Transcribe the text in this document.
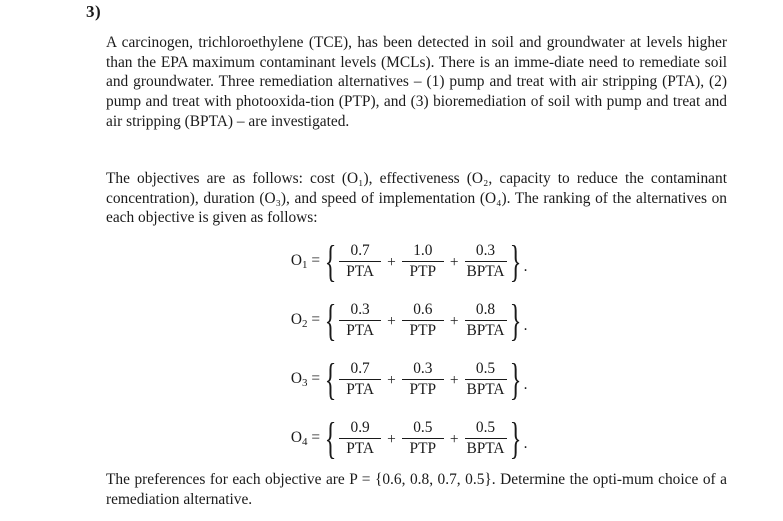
3)
A carcinogen, trichloroethylene (TCE), has been detected in soil and groundwater at levels higher than the EPA maximum contaminant levels (MCLs). There is an imme-diate need to remediate soil and groundwater. Three remediation alternatives – (1) pump and treat with air stripping (PTA), (2) pump and treat with photooxida-tion (PTP), and (3) bioremediation of soil with pump and treat and air stripping (BPTA) – are investigated.
The objectives are as follows: cost (O₁), effectiveness (O₂, capacity to reduce the contaminant concentration), duration (O₃), and speed of implementation (O₄). The ranking of the alternatives on each objective is given as follows:
$O_1$ = { $\frac{0.7}{\text{PTA}} + \frac{1.0}{\text{PTP}} + \frac{0.3}{\text{BPTA}}$ } .
$O_2$ = { $\frac{0.3}{\text{PTA}} + \frac{0.6}{\text{PTP}} + \frac{0.8}{\text{BPTA}}$ } .
$O_3$ = { $\frac{0.7}{\text{PTA}} + \frac{0.3}{\text{PTP}} + \frac{0.5}{\text{BPTA}}$ } .
$O_4$ = { $\frac{0.9}{\text{PTA}} + \frac{0.5}{\text{PTP}} + \frac{0.5}{\text{BPTA}}$ } .
The preferences for each objective are P = {0.6, 0.8, 0.7, 0.5}. Determine the opti-mum choice of a remediation alternative.
